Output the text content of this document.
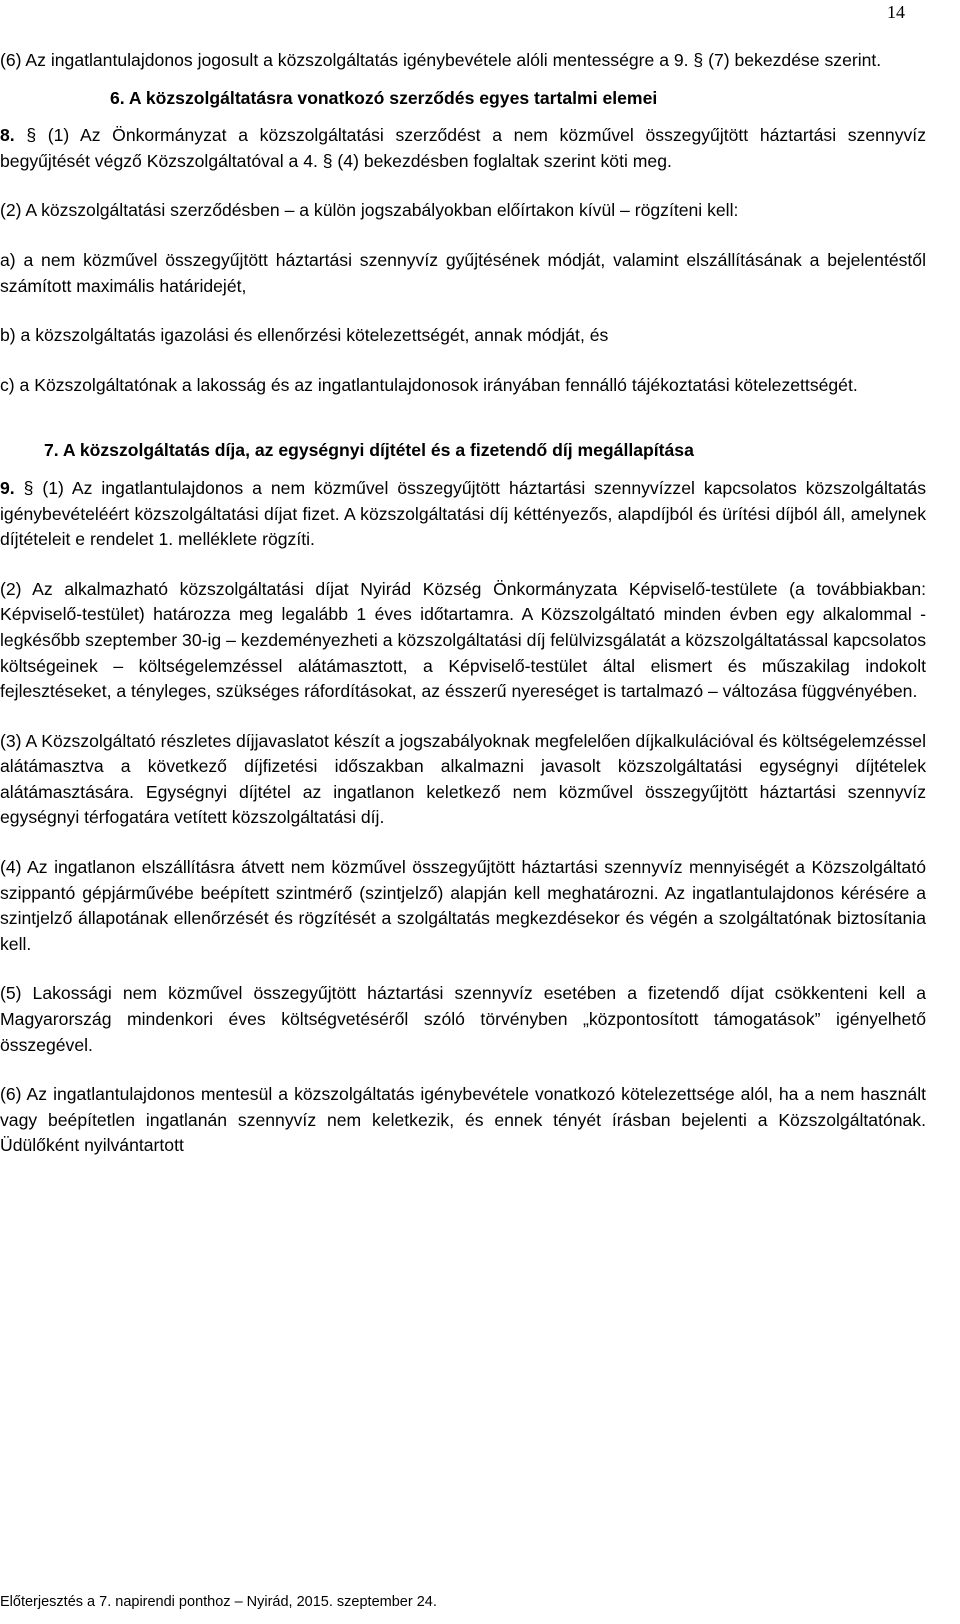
14

(6) Az ingatlantulajdonos jogosult a közszolgáltatás igénybevétele alóli mentességre a 9. § (7) bekezdése szerint.

6. A közszolgáltatásra vonatkozó szerződés egyes tartalmi elemei

8. § (1) Az Önkormányzat a közszolgáltatási szerződést a nem közművel összegyűjtött háztartási szennyvíz begyűjtését végző Közszolgáltatóval a 4. § (4) bekezdésben foglaltak szerint köti meg.

(2) A közszolgáltatási szerződésben – a külön jogszabályokban előírtakon kívül – rögzíteni kell:

a) a nem közművel összegyűjtött háztartási szennyvíz gyűjtésének módját, valamint elszállításának a bejelentéstől számított maximális határidejét,

b) a közszolgáltatás igazolási és ellenőrzési kötelezettségét, annak módját, és

c) a Közszolgáltatónak a lakosság és az ingatlantulajdonosok irányában fennálló tájékoztatási kötelezettségét.

7. A közszolgáltatás díja, az egységnyi díjtétel és a fizetendő díj megállapítása

9. § (1) Az ingatlantulajdonos a nem közművel összegyűjtött háztartási szennyvízzel kapcsolatos közszolgáltatás igénybevételéért közszolgáltatási díjat fizet. A közszolgáltatási díj kéttényezős, alapdíjból és ürítési díjból áll, amelynek díjtételeit e rendelet 1. melléklete rögzíti.

(2) Az alkalmazható közszolgáltatási díjat Nyirád Község Önkormányzata Képviselő-testülete (a továbbiakban: Képviselő-testület) határozza meg legalább 1 éves időtartamra. A Közszolgáltató minden évben egy alkalommal - legkésőbb szeptember 30-ig – kezdeményezheti a közszolgáltatási díj felülvizsgálatát a közszolgáltatással kapcsolatos költségeinek – költségelemzéssel alátámasztott, a Képviselő-testület által elismert és műszakilag indokolt fejlesztéseket, a tényleges, szükséges ráfordításokat, az ésszerű nyereséget is tartalmazó – változása függvényében.

(3) A Közszolgáltató részletes díjjavaslatot készít a jogszabályoknak megfelelően díjkalkulációval és költségelemzéssel alátámasztva a következő díjfizetési időszakban alkalmazni javasolt közszolgáltatási egységnyi díjtételek alátámasztására. Egységnyi díjtétel az ingatlanon keletkező nem közművel összegyűjtött háztartási szennyvíz egységnyi térfogatára vetített közszolgáltatási díj.

(4) Az ingatlanon elszállításra átvett nem közművel összegyűjtött háztartási szennyvíz mennyiségét a Közszolgáltató szippantó gépjárművébe beépített szintmérő (szintjelző) alapján kell meghatározni. Az ingatlantulajdonos kérésére a szintjelző állapotának ellenőrzését és rögzítését a szolgáltatás megkezdésekor és végén a szolgáltatónak biztosítania kell.

(5) Lakossági nem közművel összegyűjtött háztartási szennyvíz esetében a fizetendő díjat csökkenteni kell a Magyarország mindenkori éves költségvetéséről szóló törvényben „központosított támogatások” igényelhető összegével.

(6) Az ingatlantulajdonos mentesül a közszolgáltatás igénybevétele vonatkozó kötelezettsége alól, ha a nem használt vagy beépítetlen ingatlanán szennyvíz nem keletkezik, és ennek tényét írásban bejelenti a Közszolgáltatónak. Üdülőként nyilvántartott

Előterjesztés a 7. napirendi ponthoz – Nyirád, 2015. szeptember 24.
